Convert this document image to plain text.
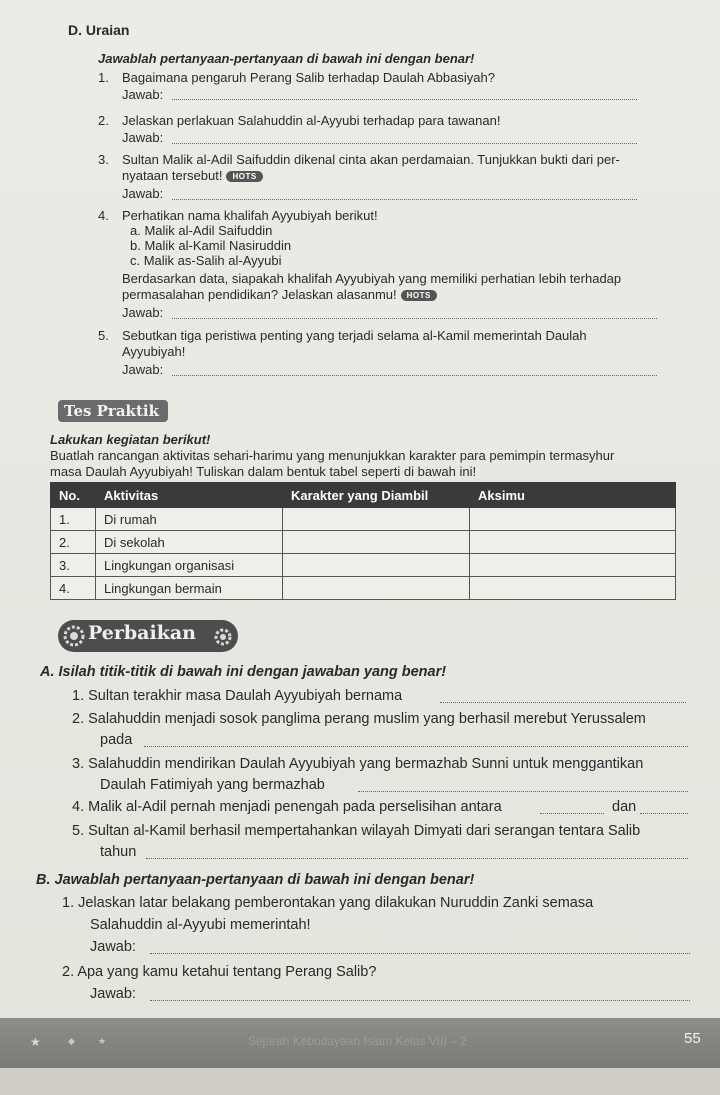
D. Uraian
Jawablah pertanyaan-pertanyaan di bawah ini dengan benar!
1. Bagaimana pengaruh Perang Salib terhadap Daulah Abbasiyah?
Jawab:
2. Jelaskan perlakuan Salahuddin al-Ayyubi terhadap para tawanan!
Jawab:
3. Sultan Malik al-Adil Saifuddin dikenal cinta akan perdamaian. Tunjukkan bukti dari per-
nyataan tersebut! HOTS
Jawab:
4. Perhatikan nama khalifah Ayyubiyah berikut!
a. Malik al-Adil Saifuddin
b. Malik al-Kamil Nasiruddin
c. Malik as-Salih al-Ayyubi
Berdasarkan data, siapakah khalifah Ayyubiyah yang memiliki perhatian lebih terhadap
permasalahan pendidikan? Jelaskan alasanmu! HOTS
Jawab:
5. Sebutkan tiga peristiwa penting yang terjadi selama al-Kamil memerintah Daulah
Ayyubiyah!
Jawab:
Tes Praktik
Lakukan kegiatan berikut!
Buatlah rancangan aktivitas sehari-harimu yang menunjukkan karakter para pemimpin termasyhur
masa Daulah Ayyubiyah! Tuliskan dalam bentuk tabel seperti di bawah ini!
No.	Aktivitas	Karakter yang Diambil	Aksimu
1.	Di rumah		
2.	Di sekolah		
3.	Lingkungan organisasi		
4.	Lingkungan bermain		
Perbaikan
A. Isilah titik-titik di bawah ini dengan jawaban yang benar!
1. Sultan terakhir masa Daulah Ayyubiyah bernama
2. Salahuddin menjadi sosok panglima perang muslim yang berhasil merebut Yerussalem
pada
3. Salahuddin mendirikan Daulah Ayyubiyah yang bermazhab Sunni untuk menggantikan
Daulah Fatimiyah yang bermazhab
4. Malik al-Adil pernah menjadi penengah pada perselisihan antara	dan
5. Sultan al-Kamil berhasil mempertahankan wilayah Dimyati dari serangan tentara Salib
tahun
B. Jawablah pertanyaan-pertanyaan di bawah ini dengan benar!
1. Jelaskan latar belakang pemberontakan yang dilakukan Nuruddin Zanki semasa
Salahuddin al-Ayyubi memerintah!
Jawab:
2. Apa yang kamu ketahui tentang Perang Salib?
Jawab:
★	◆	★	Sejarah Kebudayaan Islam Kelas VIII – 2	55
